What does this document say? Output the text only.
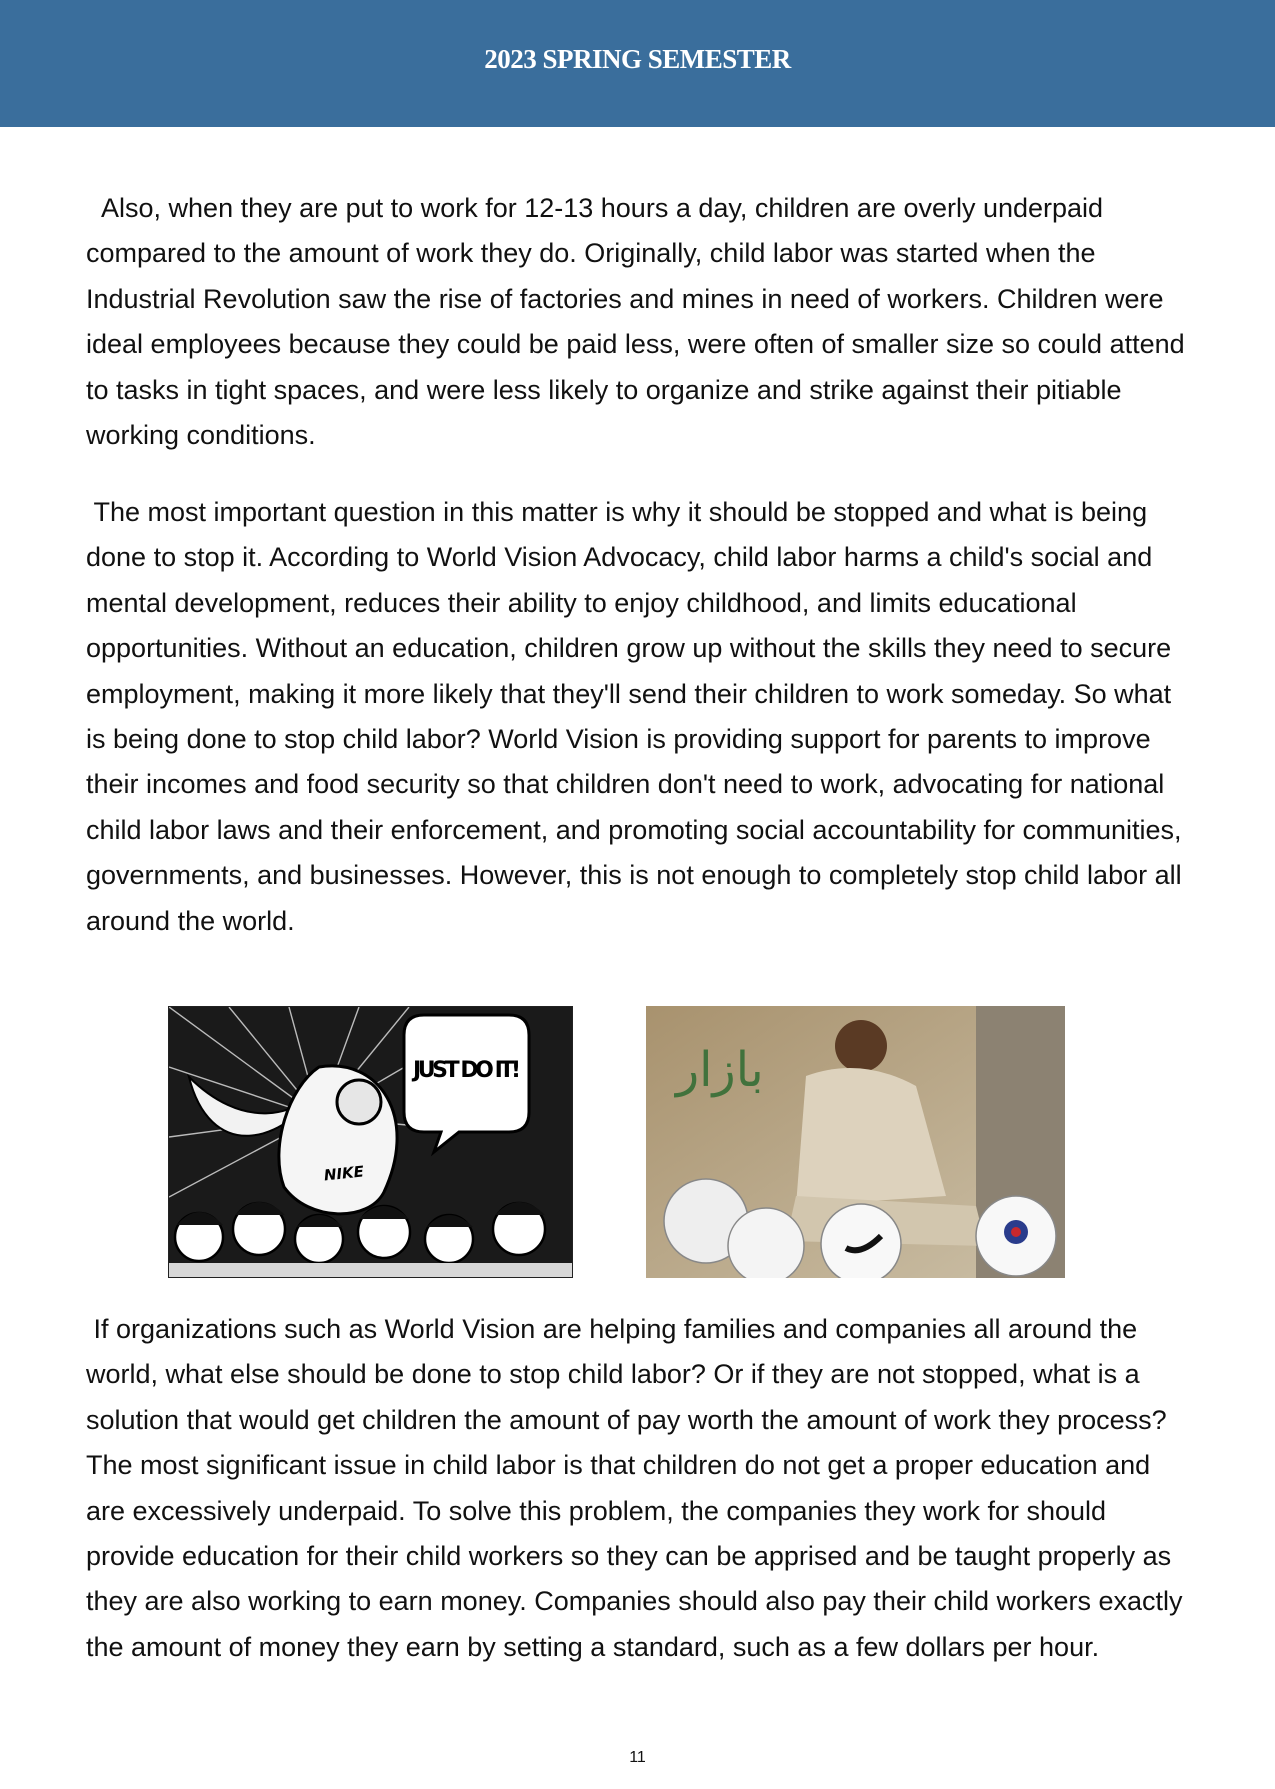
2023 SPRING SEMESTER

Also, when they are put to work for 12-13 hours a day, children are overly underpaid compared to the amount of work they do. Originally, child labor was started when the Industrial Revolution saw the rise of factories and mines in need of workers. Children were ideal employees because they could be paid less, were often of smaller size so could attend to tasks in tight spaces, and were less likely to organize and strike against their pitiable working conditions.

The most important question in this matter is why it should be stopped and what is being done to stop it. According to World Vision Advocacy, child labor harms a child's social and mental development, reduces their ability to enjoy childhood, and limits educational opportunities. Without an education, children grow up without the skills they need to secure employment, making it more likely that they'll send their children to work someday. So what is being done to stop child labor? World Vision is providing support for parents to improve their incomes and food security so that children don't need to work, advocating for national child labor laws and their enforcement, and promoting social accountability for communities, governments, and businesses. However, this is not enough to completely stop child labor all around the world.

NIKE
JUST DO IT!	بازار

If organizations such as World Vision are helping families and companies all around the world, what else should be done to stop child labor? Or if they are not stopped, what is a solution that would get children the amount of pay worth the amount of work they process? The most significant issue in child labor is that children do not get a proper education and are excessively underpaid. To solve this problem, the companies they work for should provide education for their child workers so they can be apprised and be taught properly as they are also working to earn money. Companies should also pay their child workers exactly the amount of money they earn by setting a standard, such as a few dollars per hour.

11
